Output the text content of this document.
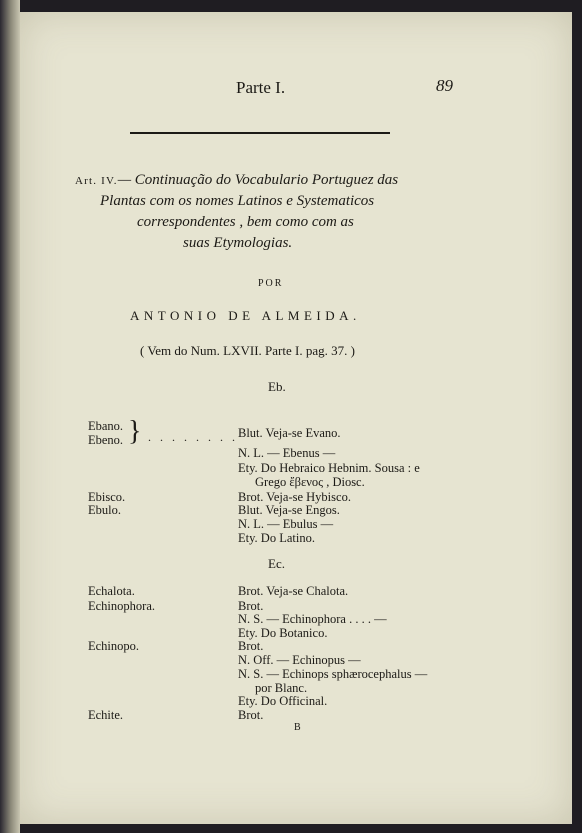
Parte I.	89
Art. IV.— Continuação do Vocabulario Portuguez das
Plantas com os nomes Latinos e Systematicos
correspondentes , bem como com as
suas Etymologias.
POR
ANTONIO DE ALMEIDA.
( Vem do Num. LXVII. Parte I. pag. 37. )
Eb.
Ebano.
Ebeno. } . . . . . . . . Blut. Veja-se Evano.
N. L. — Ebenus —
Ety. Do Hebraico Hebnim. Sousa : e
Grego ἔβενος , Diosc.
Ebisco.	Brot. Veja-se Hybisco.
Ebulo.	Blut. Veja-se Engos.
N. L. — Ebulus —
Ety. Do Latino.
Ec.
Echalota.	Brot. Veja-se Chalota.
Echinophora.	Brot.
N. S. — Echinophora . . . . —
Ety. Do Botanico.
Echinopo.	Brot.
N. Off. — Echinopus —
N. S. — Echinops sphærocephalus —
por Blanc.
Ety. Do Officinal.
Echite.	Brot.
B
